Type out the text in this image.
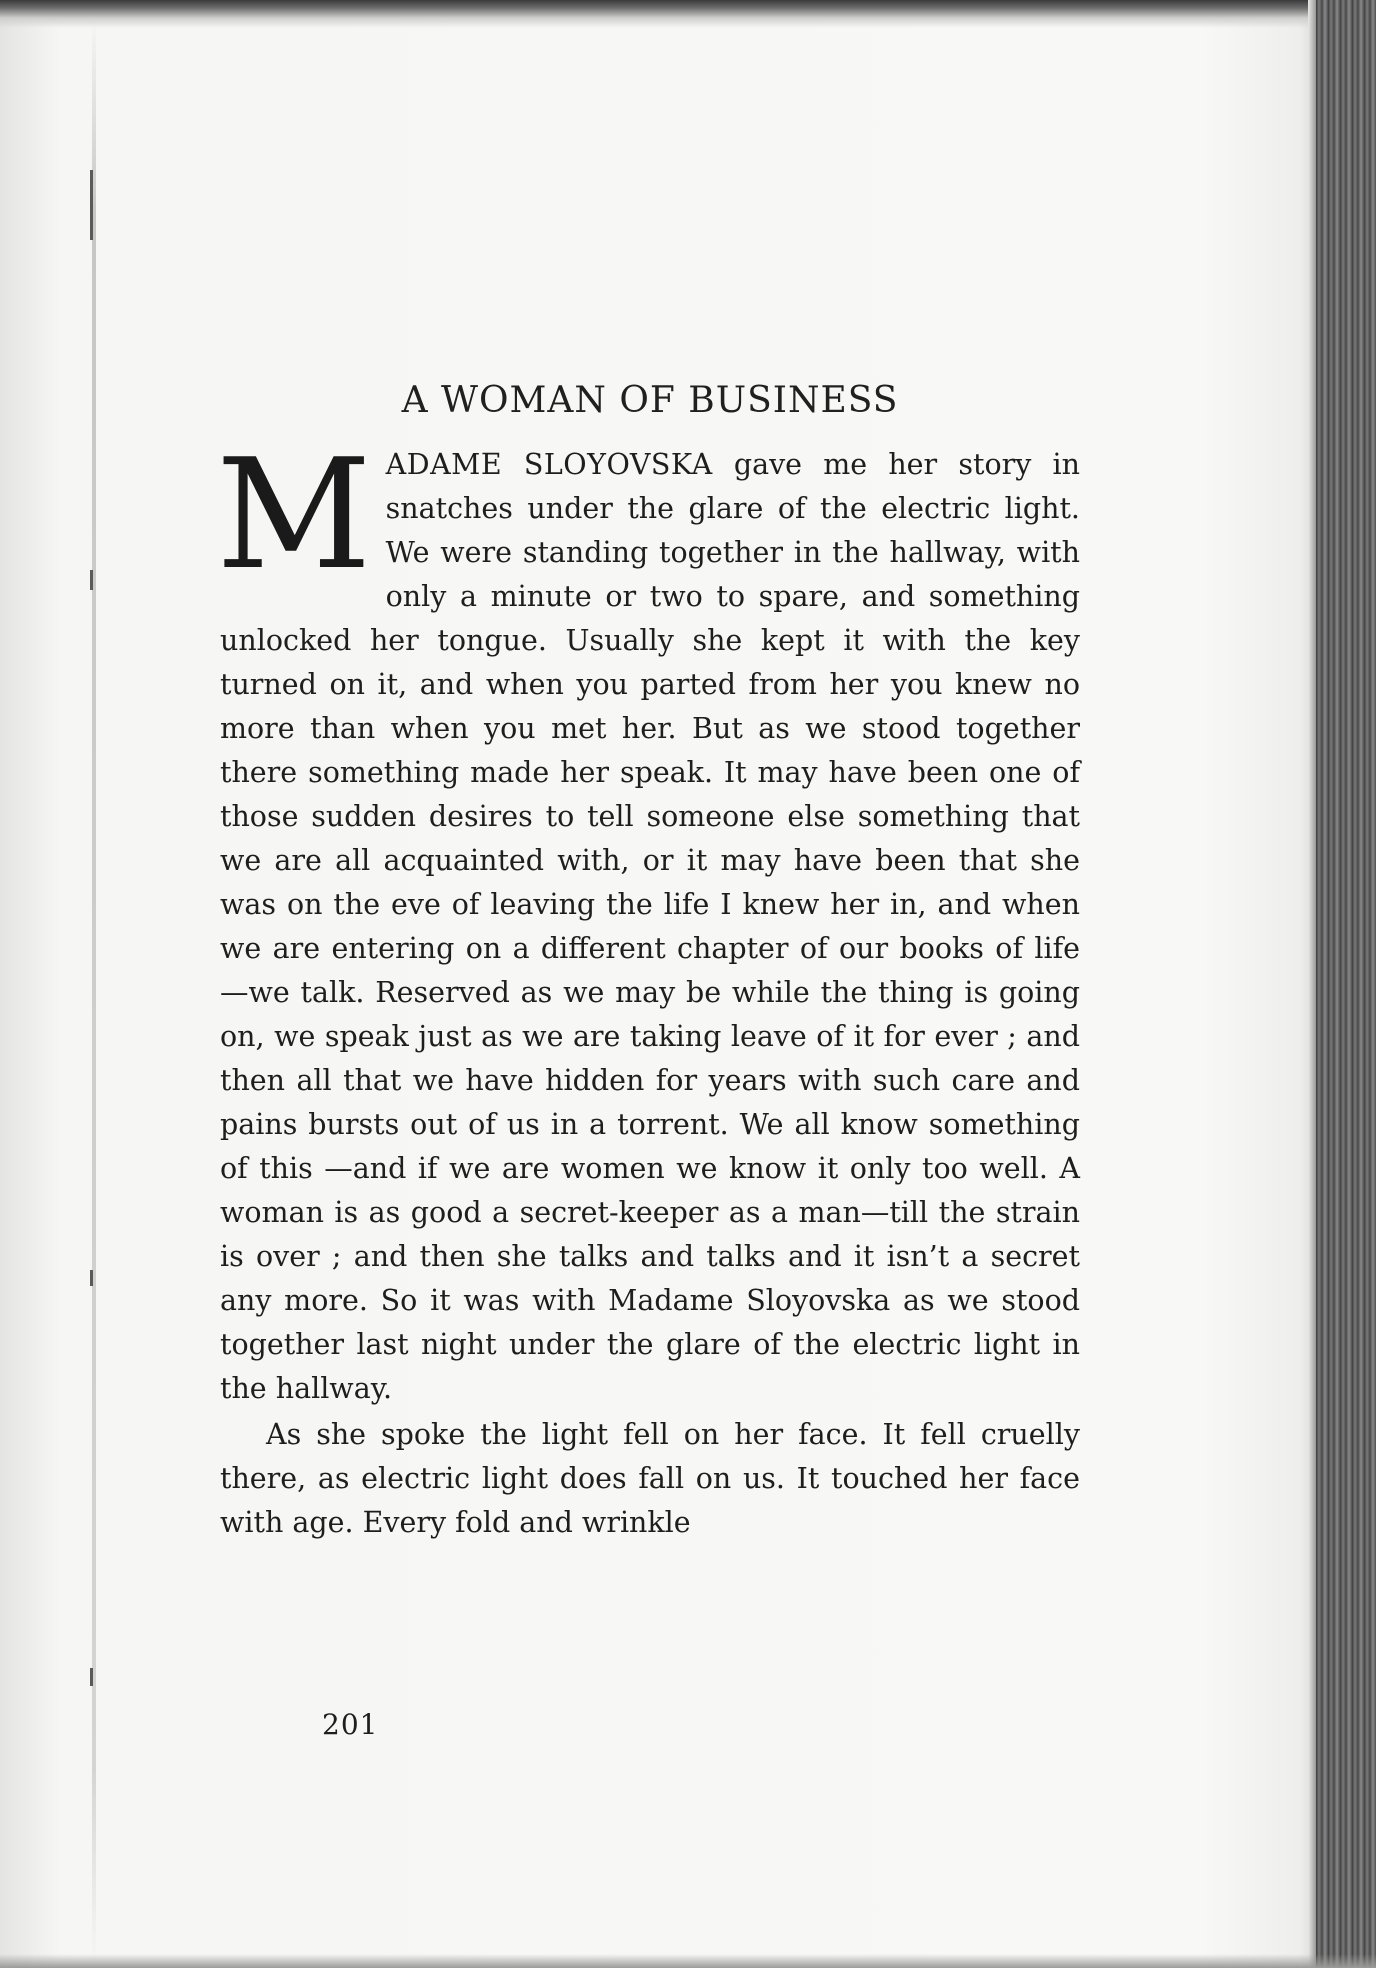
A WOMAN OF BUSINESS

MADAME SLOYOVSKA gave me her story in snatches under the glare of the electric light. We were standing together in the hallway, with only a minute or two to spare, and something unlocked her tongue. Usually she kept it with the key turned on it, and when you parted from her you knew no more than when you met her. But as we stood together there something made her speak. It may have been one of those sudden desires to tell someone else something that we are all acquainted with, or it may have been that she was on the eve of leaving the life I knew her in, and when we are entering on a different chapter of our books of life—we talk. Reserved as we may be while the thing is going on, we speak just as we are taking leave of it for ever ; and then all that we have hidden for years with such care and pains bursts out of us in a torrent. We all know something of this —and if we are women we know it only too well. A woman is as good a secret-keeper as a man—till the strain is over ; and then she talks and talks and it isn’t a secret any more. So it was with Madame Sloyovska as we stood together last night under the glare of the electric light in the hallway.

As she spoke the light fell on her face. It fell cruelly there, as electric light does fall on us. It touched her face with age. Every fold and wrinkle

201
